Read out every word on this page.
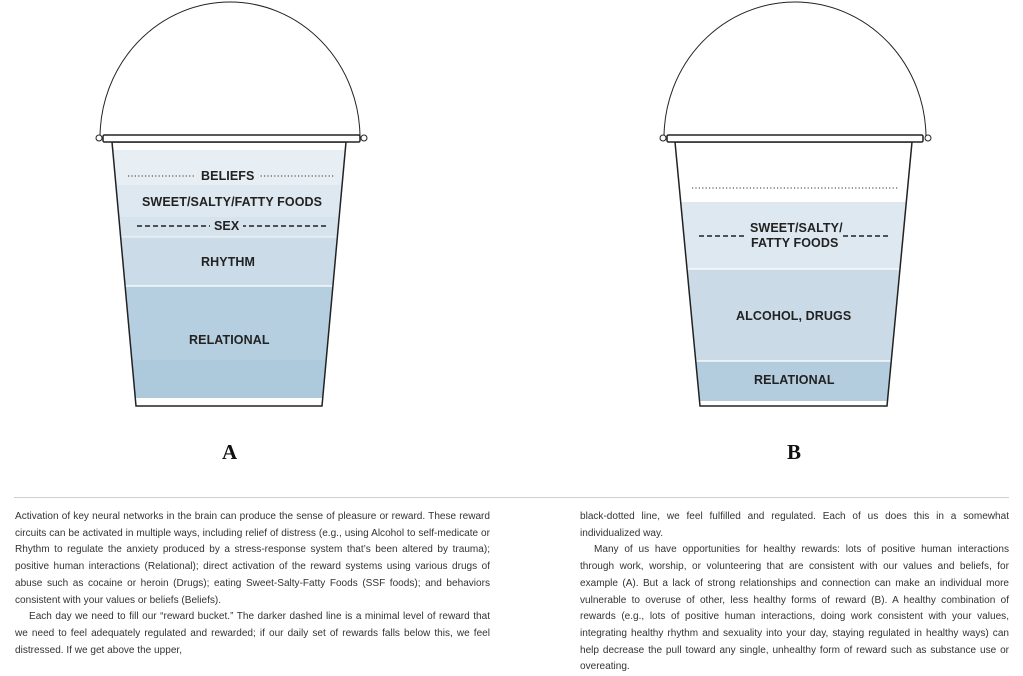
BELIEFS
SWEET/SALTY/FATTY FOODS
SEX
RHYTHM
RELATIONAL
A
SWEET/SALTY/
FATTY FOODS
ALCOHOL, DRUGS
RELATIONAL
B

Activation of key neural networks in the brain can produce the sense of pleasure or reward. These reward circuits can be activated in multiple ways, including relief of distress (e.g., using Alcohol to self-medicate or Rhythm to regulate the anxiety produced by a stress-response system that’s been altered by trauma); positive human interactions (Relational); direct activation of the reward systems using various drugs of abuse such as cocaine or heroin (Drugs); eating Sweet-Salty-Fatty Foods (SSF foods); and behaviors consistent with your values or beliefs (Beliefs).

Each day we need to fill our “reward bucket.” The darker dashed line is a minimal level of reward that we need to feel adequately regulated and rewarded; if our daily set of rewards falls below this, we feel distressed. If we get above the upper,

black-dotted line, we feel fulfilled and regulated. Each of us does this in a somewhat individualized way.

Many of us have opportunities for healthy rewards: lots of positive human interactions through work, worship, or volunteering that are consistent with our values and beliefs, for example (A). But a lack of strong relationships and connection can make an individual more vulnerable to overuse of other, less healthy forms of reward (B). A healthy combination of rewards (e.g., lots of positive human interactions, doing work consistent with your values, integrating healthy rhythm and sexuality into your day, staying regulated in healthy ways) can help decrease the pull toward any single, unhealthy form of reward such as substance use or overeating.
